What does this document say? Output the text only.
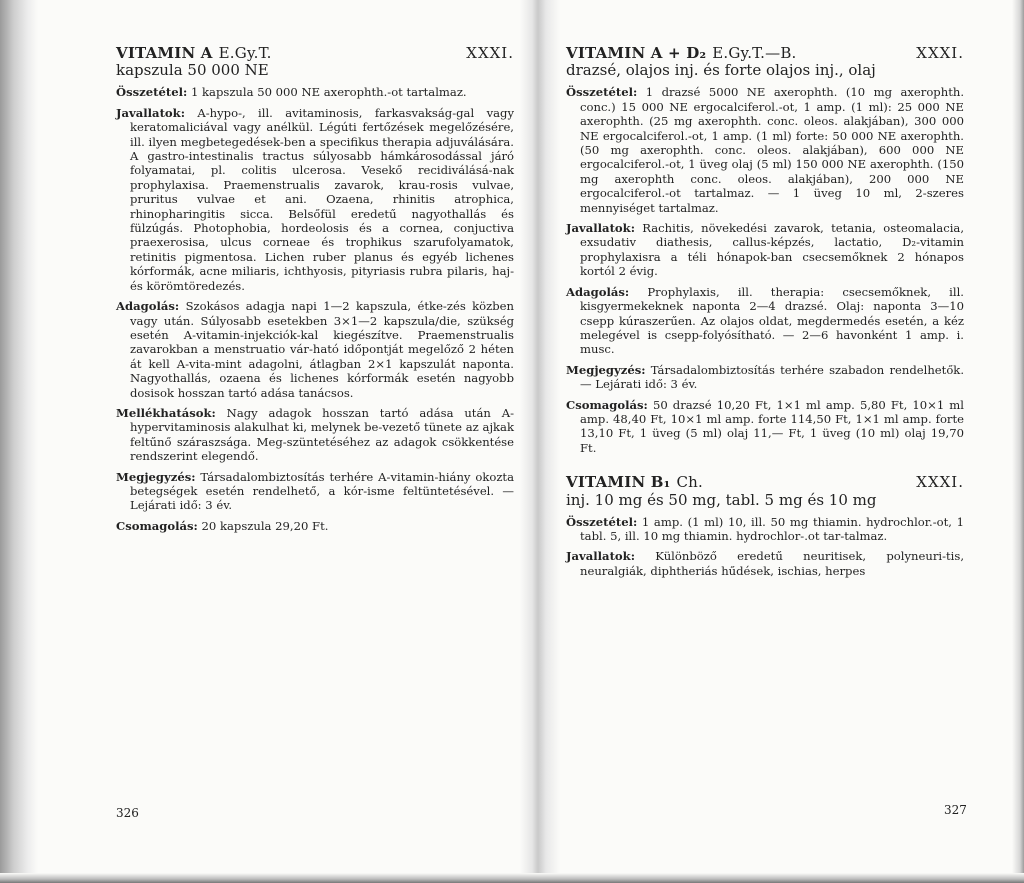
VITAMIN A E.Gy.T.	XXXI.
kapszula 50 000 NE
Összetétel: 1 kapszula 50 000 NE axerophth.-ot tartalmaz.
Javallatok: A-hypo-, ill. avitaminosis, farkasvakság-gal vagy keratomaliciával vagy anélkül. Légúti fertőzések megelőzésére, ill. ilyen megbetegedések-ben a specifikus therapia adjuválására. A gastro-intestinalis tractus súlyosabb hámkárosodással járó folyamatai, pl. colitis ulcerosa. Vesekő recidiválásá-nak prophylaxisa. Praemenstrualis zavarok, krau-rosis vulvae, pruritus vulvae et ani. Ozaena, rhinitis atrophica, rhinopharingitis sicca. Belsőfül eredetű nagyothallás és fülzúgás. Photophobia, hordeolosis és a cornea, conjuctiva praexerosisa, ulcus corneae és trophikus szarufolyamatok, retinitis pigmentosa. Lichen ruber planus és egyéb lichenes kórformák, acne miliaris, ichthyosis, pityriasis rubra pilaris, haj- és körömtöredezés.
Adagolás: Szokásos adagja napi 1—2 kapszula, étke-zés közben vagy után. Súlyosabb esetekben 3×1—2 kapszula/die, szükség esetén A-vitamin-injekciók-kal kiegészítve. Praemenstrualis zavarokban a menstruatio vár-ható időpontját megelőző 2 héten át kell A-vita-mint adagolni, átlagban 2×1 kapszulát naponta. Nagyothallás, ozaena és lichenes kórformák esetén nagyobb dosisok hosszan tartó adása tanácsos.
Mellékhatások: Nagy adagok hosszan tartó adása után A-hypervitaminosis alakulhat ki, melynek be-vezető tünete az ajkak feltűnő száraszsága. Meg-szüntetéséhez az adagok csökkentése rendszerint elegendő.
Megjegyzés: Társadalombiztosítás terhére A-vitamin-hiány okozta betegségek esetén rendelhető, a kór-isme feltüntetésével. — Lejárati idő: 3 év.
Csomagolás: 20 kapszula 29,20 Ft.
326
VITAMIN A + D₂ E.Gy.T.—B.	XXXI.
drazsé, olajos inj. és forte olajos inj., olaj
Összetétel: 1 drazsé 5000 NE axerophth. (10 mg axerophth. conc.) 15 000 NE ergocalciferol.-ot, 1 amp. (1 ml): 25 000 NE axerophth. (25 mg axerophth. conc. oleos. alakjában), 300 000 NE ergocalciferol.-ot, 1 amp. (1 ml) forte: 50 000 NE axerophth. (50 mg axerophth. conc. oleos. alakjában), 600 000 NE ergocalciferol.-ot, 1 üveg olaj (5 ml) 150 000 NE axerophth. (150 mg axerophth conc. oleos. alakjában), 200 000 NE ergocalciferol.-ot tartalmaz. — 1 üveg 10 ml, 2-szeres mennyiséget tartalmaz.
Javallatok: Rachitis, növekedési zavarok, tetania, osteomalacia, exsudativ diathesis, callus-képzés, lactatio, D₂-vitamin prophylaxisra a téli hónapok-ban csecsemőknek 2 hónapos kortól 2 évig.
Adagolás: Prophylaxis, ill. therapia: csecsemőknek, ill. kisgyermekeknek naponta 2—4 drazsé. Olaj: naponta 3—10 csepp kúraszerűen. Az olajos oldat, megdermedés esetén, a kéz melegével is csepp-folyósítható. — 2—6 havonként 1 amp. i. musc.
Megjegyzés: Társadalombiztosítás terhére szabadon rendelhetők. — Lejárati idő: 3 év.
Csomagolás: 50 drazsé 10,20 Ft, 1×1 ml amp. 5,80 Ft, 10×1 ml amp. 48,40 Ft, 10×1 ml amp. forte 114,50 Ft, 1×1 ml amp. forte 13,10 Ft, 1 üveg (5 ml) olaj 11,— Ft, 1 üveg (10 ml) olaj 19,70 Ft.
VITAMIN B₁ Ch.	XXXI.
inj. 10 mg és 50 mg, tabl. 5 mg és 10 mg
Összetétel: 1 amp. (1 ml) 10, ill. 50 mg thiamin. hydrochlor.-ot, 1 tabl. 5, ill. 10 mg thiamin. hydrochlor-.ot tar-talmaz.
Javallatok: Különböző eredetű neuritisek, polyneuri-tis, neuralgiák, diphtheriás hűdések, ischias, herpes
327
